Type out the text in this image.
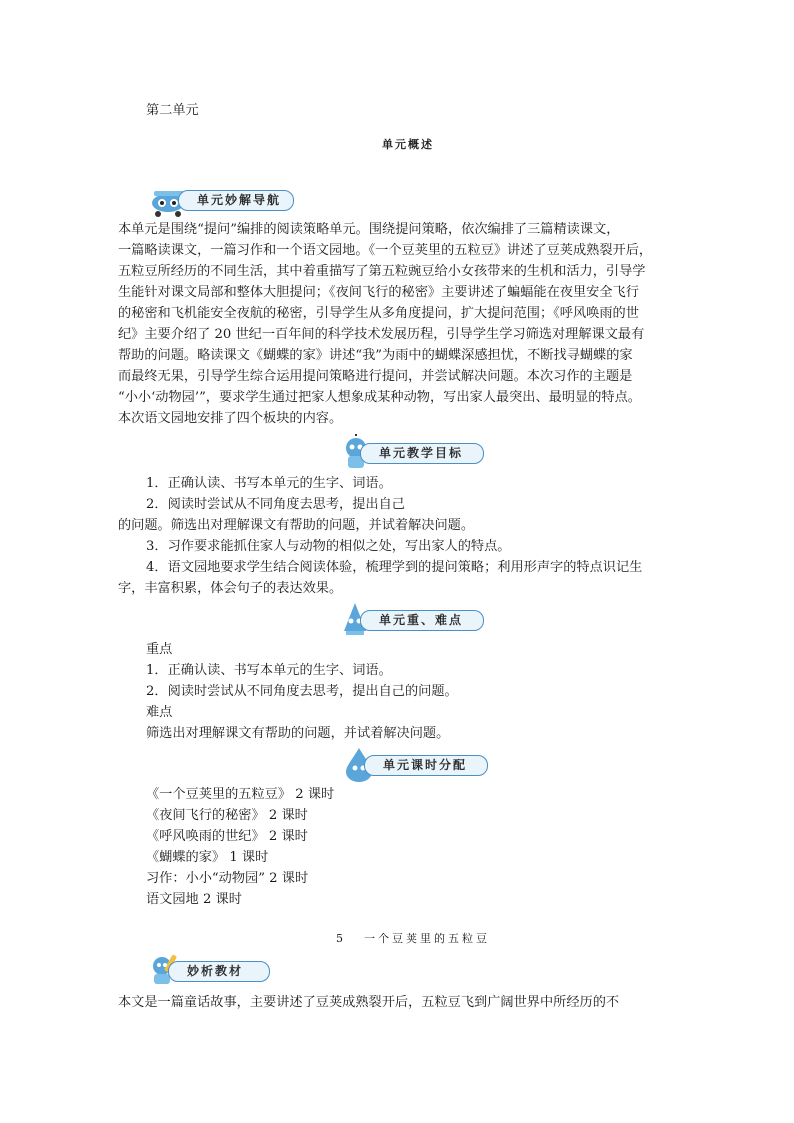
第二单元
单元概述
单元妙解导航
本单元是围绕“提问”编排的阅读策略单元。围绕提问策略，依次编排了三篇精读课文，
一篇略读课文，一篇习作和一个语文园地。《一个豆荚里的五粒豆》讲述了豆荚成熟裂开后，
五粒豆所经历的不同生活，其中着重描写了第五粒豌豆给小女孩带来的生机和活力，引导学
生能针对课文局部和整体大胆提问；《夜间飞行的秘密》主要讲述了蝙蝠能在夜里安全飞行
的秘密和飞机能安全夜航的秘密，引导学生从多角度提问，扩大提问范围；《呼风唤雨的世
纪》主要介绍了 20 世纪一百年间的科学技术发展历程，引导学生学习筛选对理解课文最有
帮助的问题。略读课文《蝴蝶的家》讲述“我”为雨中的蝴蝶深感担忧，不断找寻蝴蝶的家
而最终无果，引导学生综合运用提问策略进行提问，并尝试解决问题。本次习作的主题是
“小小‘动物园’”，要求学生通过把家人想象成某种动物，写出家人最突出、最明显的特点。
本次语文园地安排了四个板块的内容。
单元教学目标
1．正确认读、书写本单元的生字、词语。
2．阅读时尝试从不同角度去思考，提出自己
的问题。筛选出对理解课文有帮助的问题，并试着解决问题。
3．习作要求能抓住家人与动物的相似之处，写出家人的特点。
4．语文园地要求学生结合阅读体验，梳理学到的提问策略；利用形声字的特点识记生
字，丰富积累，体会句子的表达效果。
单元重、难点
重点
1．正确认读、书写本单元的生字、词语。
2．阅读时尝试从不同角度去思考，提出自己的问题。
难点
筛选出对理解课文有帮助的问题，并试着解决问题。
单元课时分配
《一个豆荚里的五粒豆》 2 课时
《夜间飞行的秘密》 2 课时
《呼风唤雨的世纪》 2 课时
《蝴蝶的家》 1 课时
习作：小小“动物园” 2 课时
语文园地 2 课时
5 一个豆荚里的五粒豆
妙析教材
本文是一篇童话故事，主要讲述了豆荚成熟裂开后，五粒豆飞到广阔世界中所经历的不
